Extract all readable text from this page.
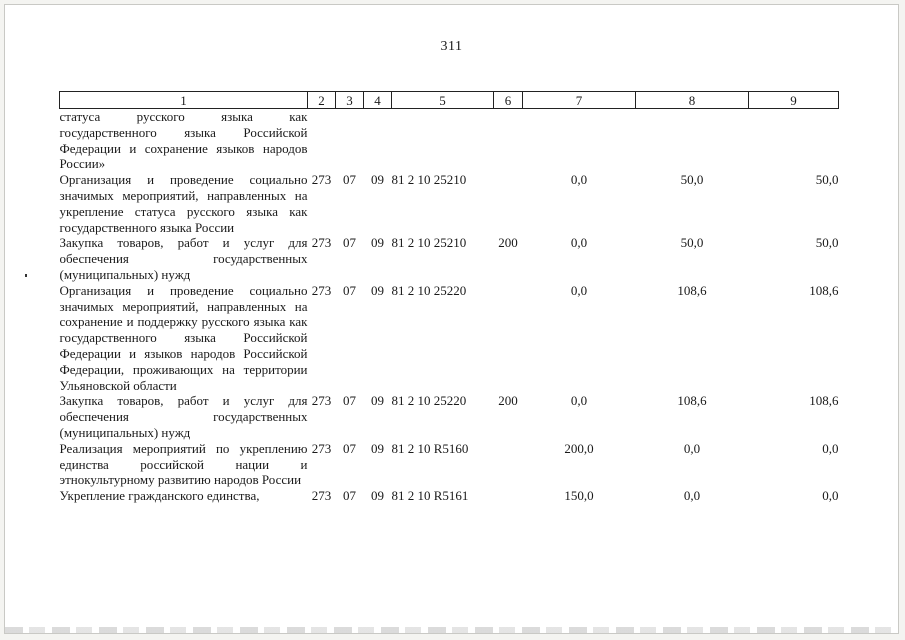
311
1	2	3	4	5	6	7	8	9
статуса русского языка как государственного языка Российской Федерации и сохранение языков народов России»								
Организация и проведение социально значимых мероприятий, направленных на укрепление статуса русского языка как государственного языка России	273	07	09	81 2 10 25210		0,0	50,0	50,0
Закупка товаров, работ и услуг для обеспечения государственных (муниципальных) нужд	273	07	09	81 2 10 25210	200	0,0	50,0	50,0
Организация и проведение социально значимых мероприятий, направленных на сохранение и поддержку русского языка как государственного языка Российской Федерации и языков народов Российской Федерации, проживающих на территории Ульяновской области	273	07	09	81 2 10 25220		0,0	108,6	108,6
Закупка товаров, работ и услуг для обеспечения государственных (муниципальных) нужд	273	07	09	81 2 10 25220	200	0,0	108,6	108,6
Реализация мероприятий по укреплению единства российской нации и этнокультурному развитию народов России	273	07	09	81 2 10 R5160		200,0	0,0	0,0
Укрепление гражданского единства,	273	07	09	81 2 10 R5161		150,0	0,0	0,0
